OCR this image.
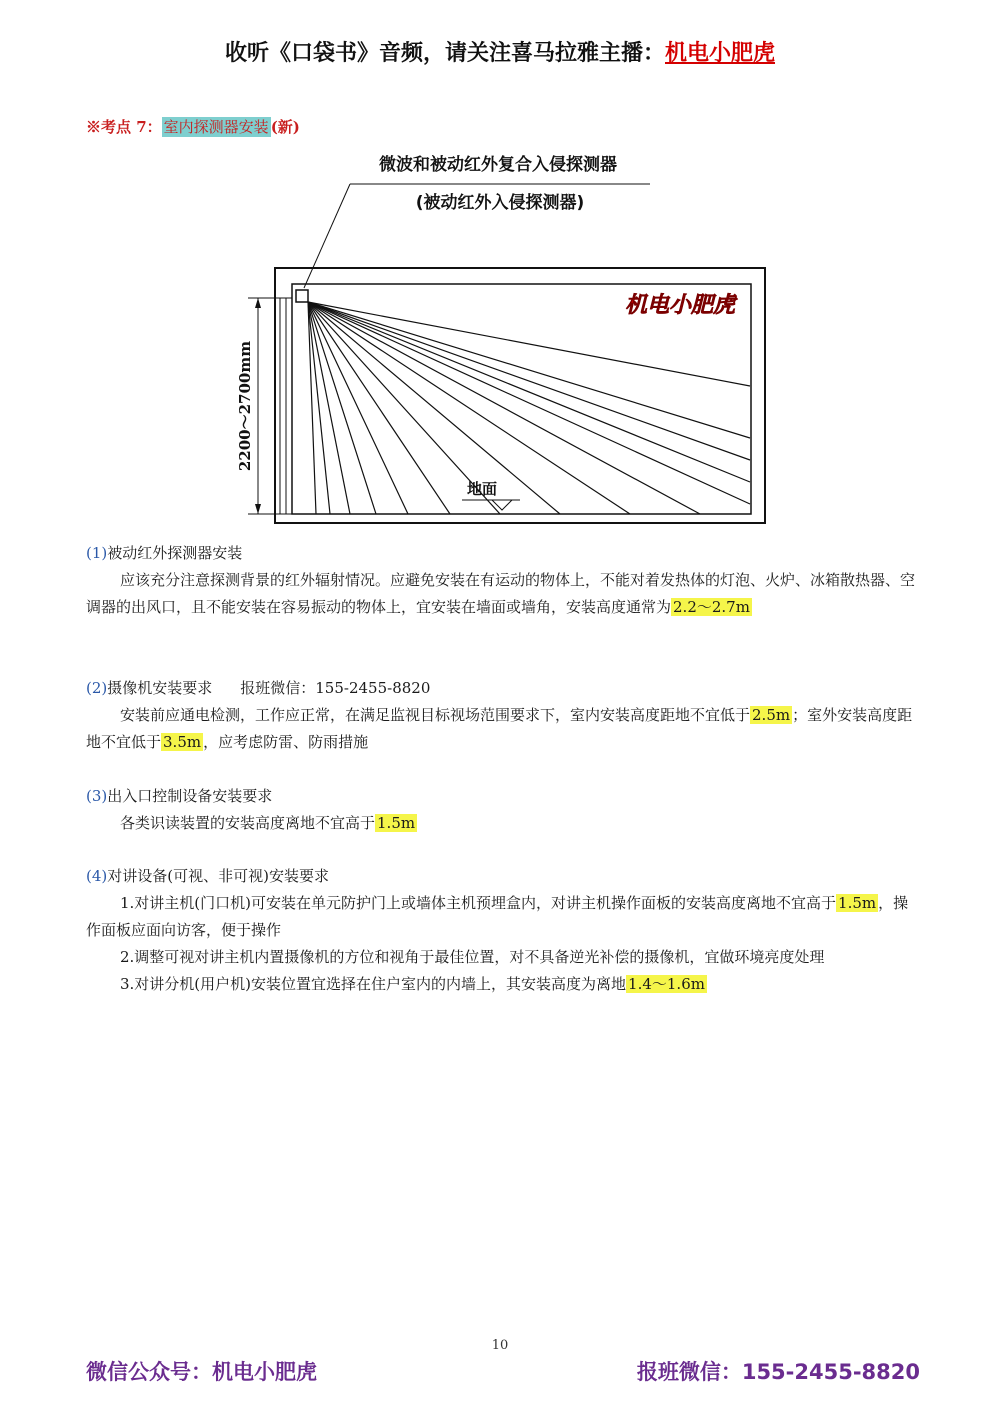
收听《口袋书》音频，请关注喜马拉雅主播：机电小肥虎
※考点 7： 室内探测器安装 (新)
微波和被动红外复合入侵探测器
(被动红外入侵探测器)
2200～2700mm
机电小肥虎
地面
(1)被动红外探测器安装
应该充分注意探测背景的红外辐射情况。应避免安装在有运动的物体上，不能对着发热体的灯泡、火炉、冰箱散热器、空调器的出风口，且不能安装在容易振动的物体上，宜安装在墙面或墙角，安装高度通常为 2.2～2.7m
(2)摄像机安装要求 报班微信：155-2455-8820
安装前应通电检测，工作应正常，在满足监视目标视场范围要求下，室内安装高度距地不宜低于 2.5m ；室外安装高度距地不宜低于 3.5m ，应考虑防雷、防雨措施
(3)出入口控制设备安装要求
各类识读装置的安装高度离地不宜高于 1.5m
(4)对讲设备(可视、非可视)安装要求
1.对讲主机(门口机)可安装在单元防护门上或墙体主机预埋盒内，对讲主机操作面板的安装高度离地不宜高于 1.5m ，操作面板应面向访客，便于操作
2.调整可视对讲主机内置摄像机的方位和视角于最佳位置，对不具备逆光补偿的摄像机，宜做环境亮度处理
3.对讲分机(用户机)安装位置宜选择在住户室内的内墙上，其安装高度为离地 1.4～1.6m
10
微信公众号：机电小肥虎	报班微信：155-2455-8820
